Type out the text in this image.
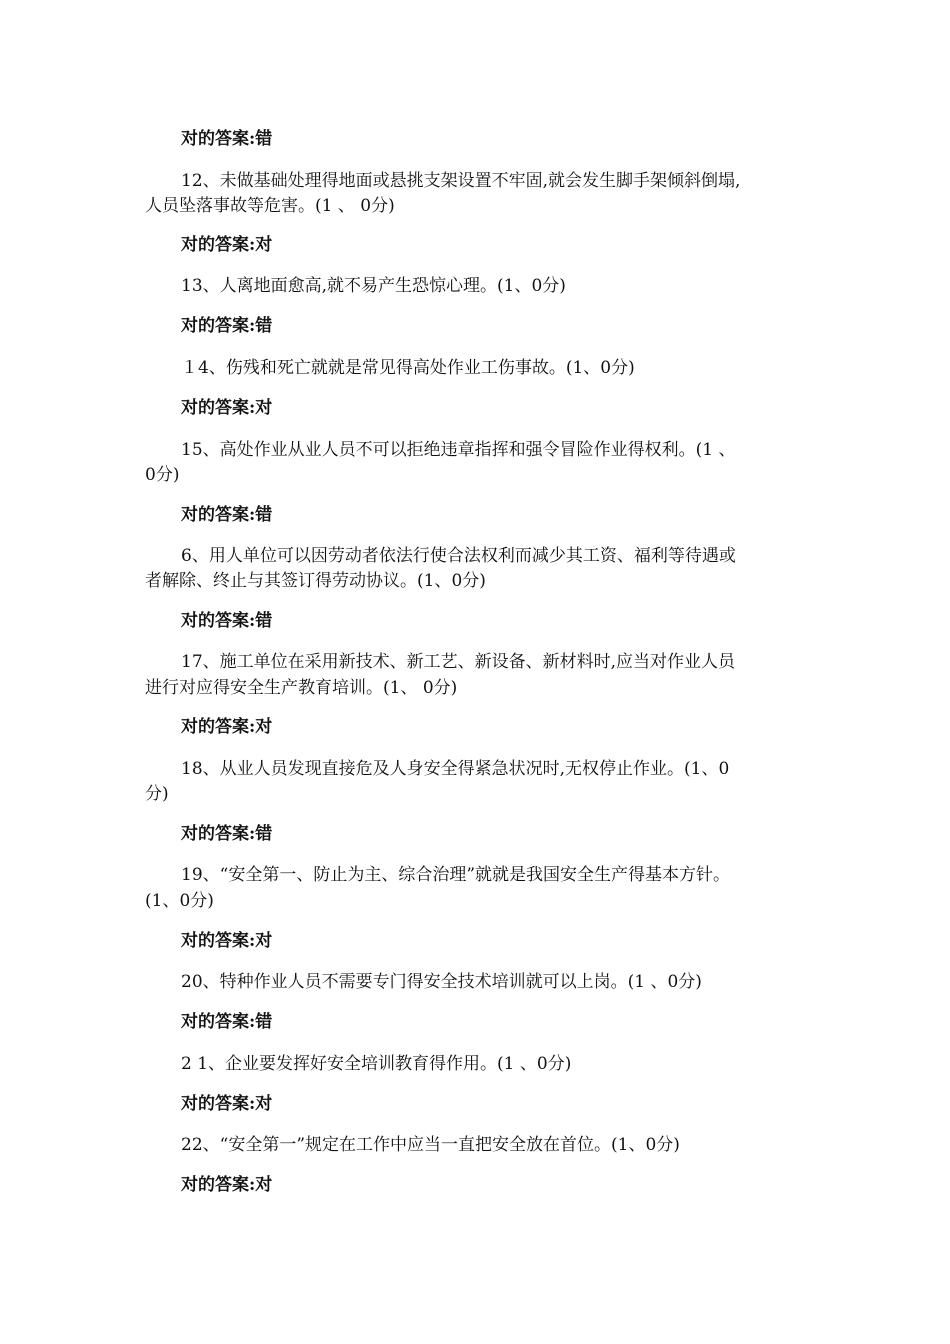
对的答案:错
12、未做基础处理得地面或悬挑支架设置不牢固,就会发生脚手架倾斜倒塌,
人员坠落事故等危害。(1 、 0分)
对的答案:对
13、人离地面愈高,就不易产生恐惊心理。(1、0分)
对的答案:错
１4、伤残和死亡就就是常见得高处作业工伤事故。(1、0分)
对的答案:对
15、高处作业从业人员不可以拒绝违章指挥和强令冒险作业得权利。(1 、
0分)
对的答案:错
6、用人单位可以因劳动者依法行使合法权利而减少其工资、福利等待遇或
者解除、终止与其签订得劳动协议。(1、0分)
对的答案:错
17、施工单位在采用新技术、新工艺、新设备、新材料时,应当对作业人员
进行对应得安全生产教育培训。(1、 0分)
对的答案:对
18、从业人员发现直接危及人身安全得紧急状况时,无权停止作业。(1、0
分)
对的答案:错
19、“安全第一、防止为主、综合治理”就就是我国安全生产得基本方针。
(1、0分)
对的答案:对
20、特种作业人员不需要专门得安全技术培训就可以上岗。(1 、0分)
对的答案:错
2 1、企业要发挥好安全培训教育得作用。(1 、0分)
对的答案:对
22、“安全第一”规定在工作中应当一直把安全放在首位。(1、0分)
对的答案:对
